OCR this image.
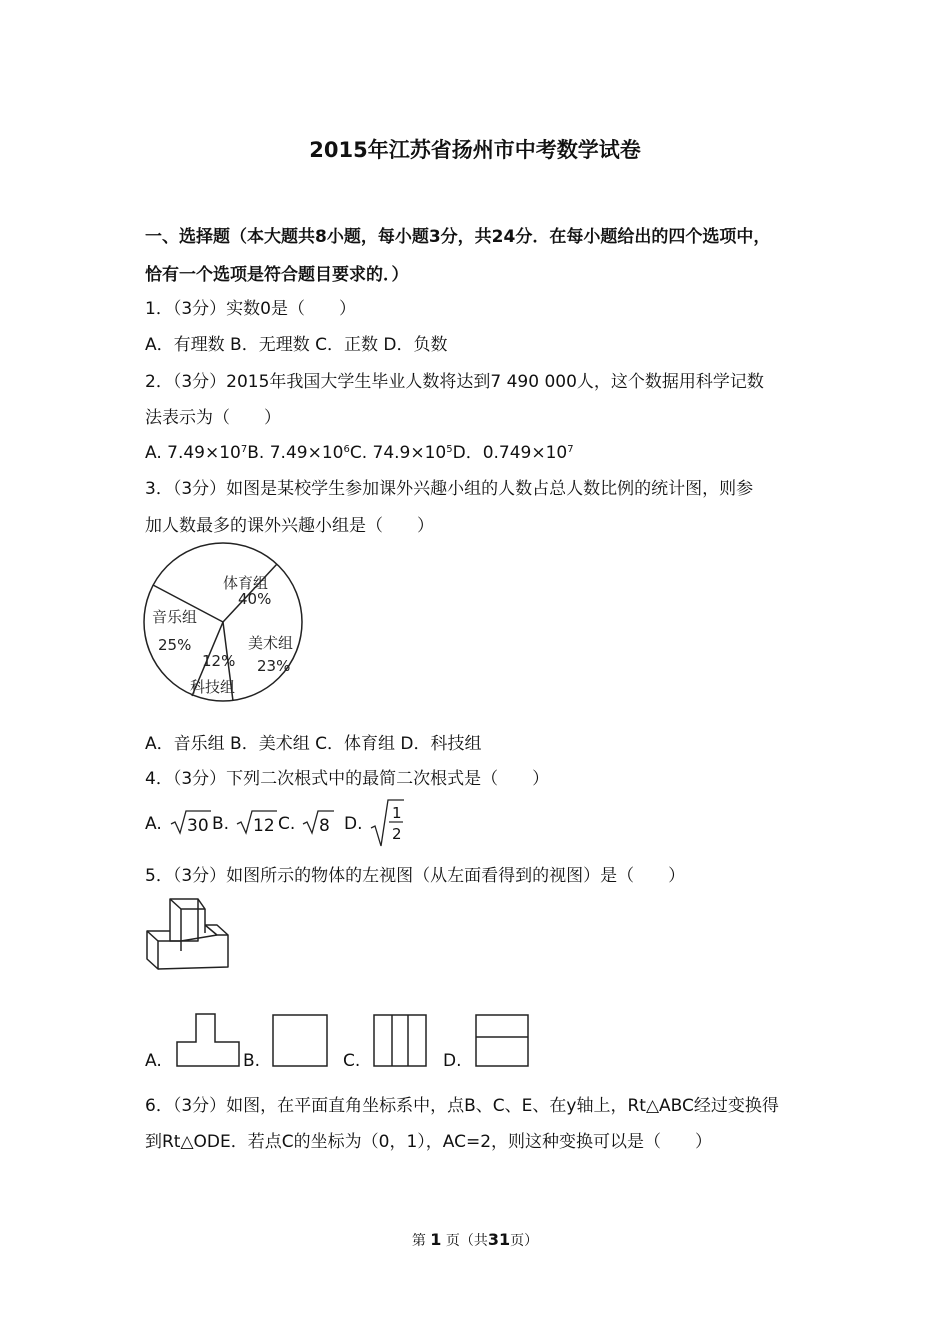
2015年江苏省扬州市中考数学试卷
一、选择题（本大题共8小题，每小题3分，共24分．在每小题给出的四个选项中，
恰有一个选项是符合题目要求的．）
1．（3分）实数0是（　　）
A．有理数 B．无理数 C．正数 D．负数
2．（3分）2015年我国大学生毕业人数将达到7 490 000人，这个数据用科学记数
法表示为（　　）
A. $7.49\times 10^7B$. $7.49\times 10^6C$. $74.9\times 10^5D$．$0.749\times 10^7$
3．（3分）如图是某校学生参加课外兴趣小组的人数占总人数比例的统计图，则参
加人数最多的课外兴趣小组是（　　）
体育组
40%
音乐组
25%	美术组
23%
12%
科技组
A．音乐组 B．美术组 C．体育组 D．科技组
4．（3分）下列二次根式中的最简二次根式是（　　）
A. 30 B. 12 C. 8 D.
1
2
5．（3分）如图所示的物体的左视图（从左面看得到的视图）是（　　）
A.	B.	C.	D.
6．（3分）如图，在平面直角坐标系中，点B、C、E、在y轴上，Rt△ABC经过变换得
到Rt△ODE．若点C的坐标为（0，1），AC=2，则这种变换可以是（　　）
第 1 页（共31页）
